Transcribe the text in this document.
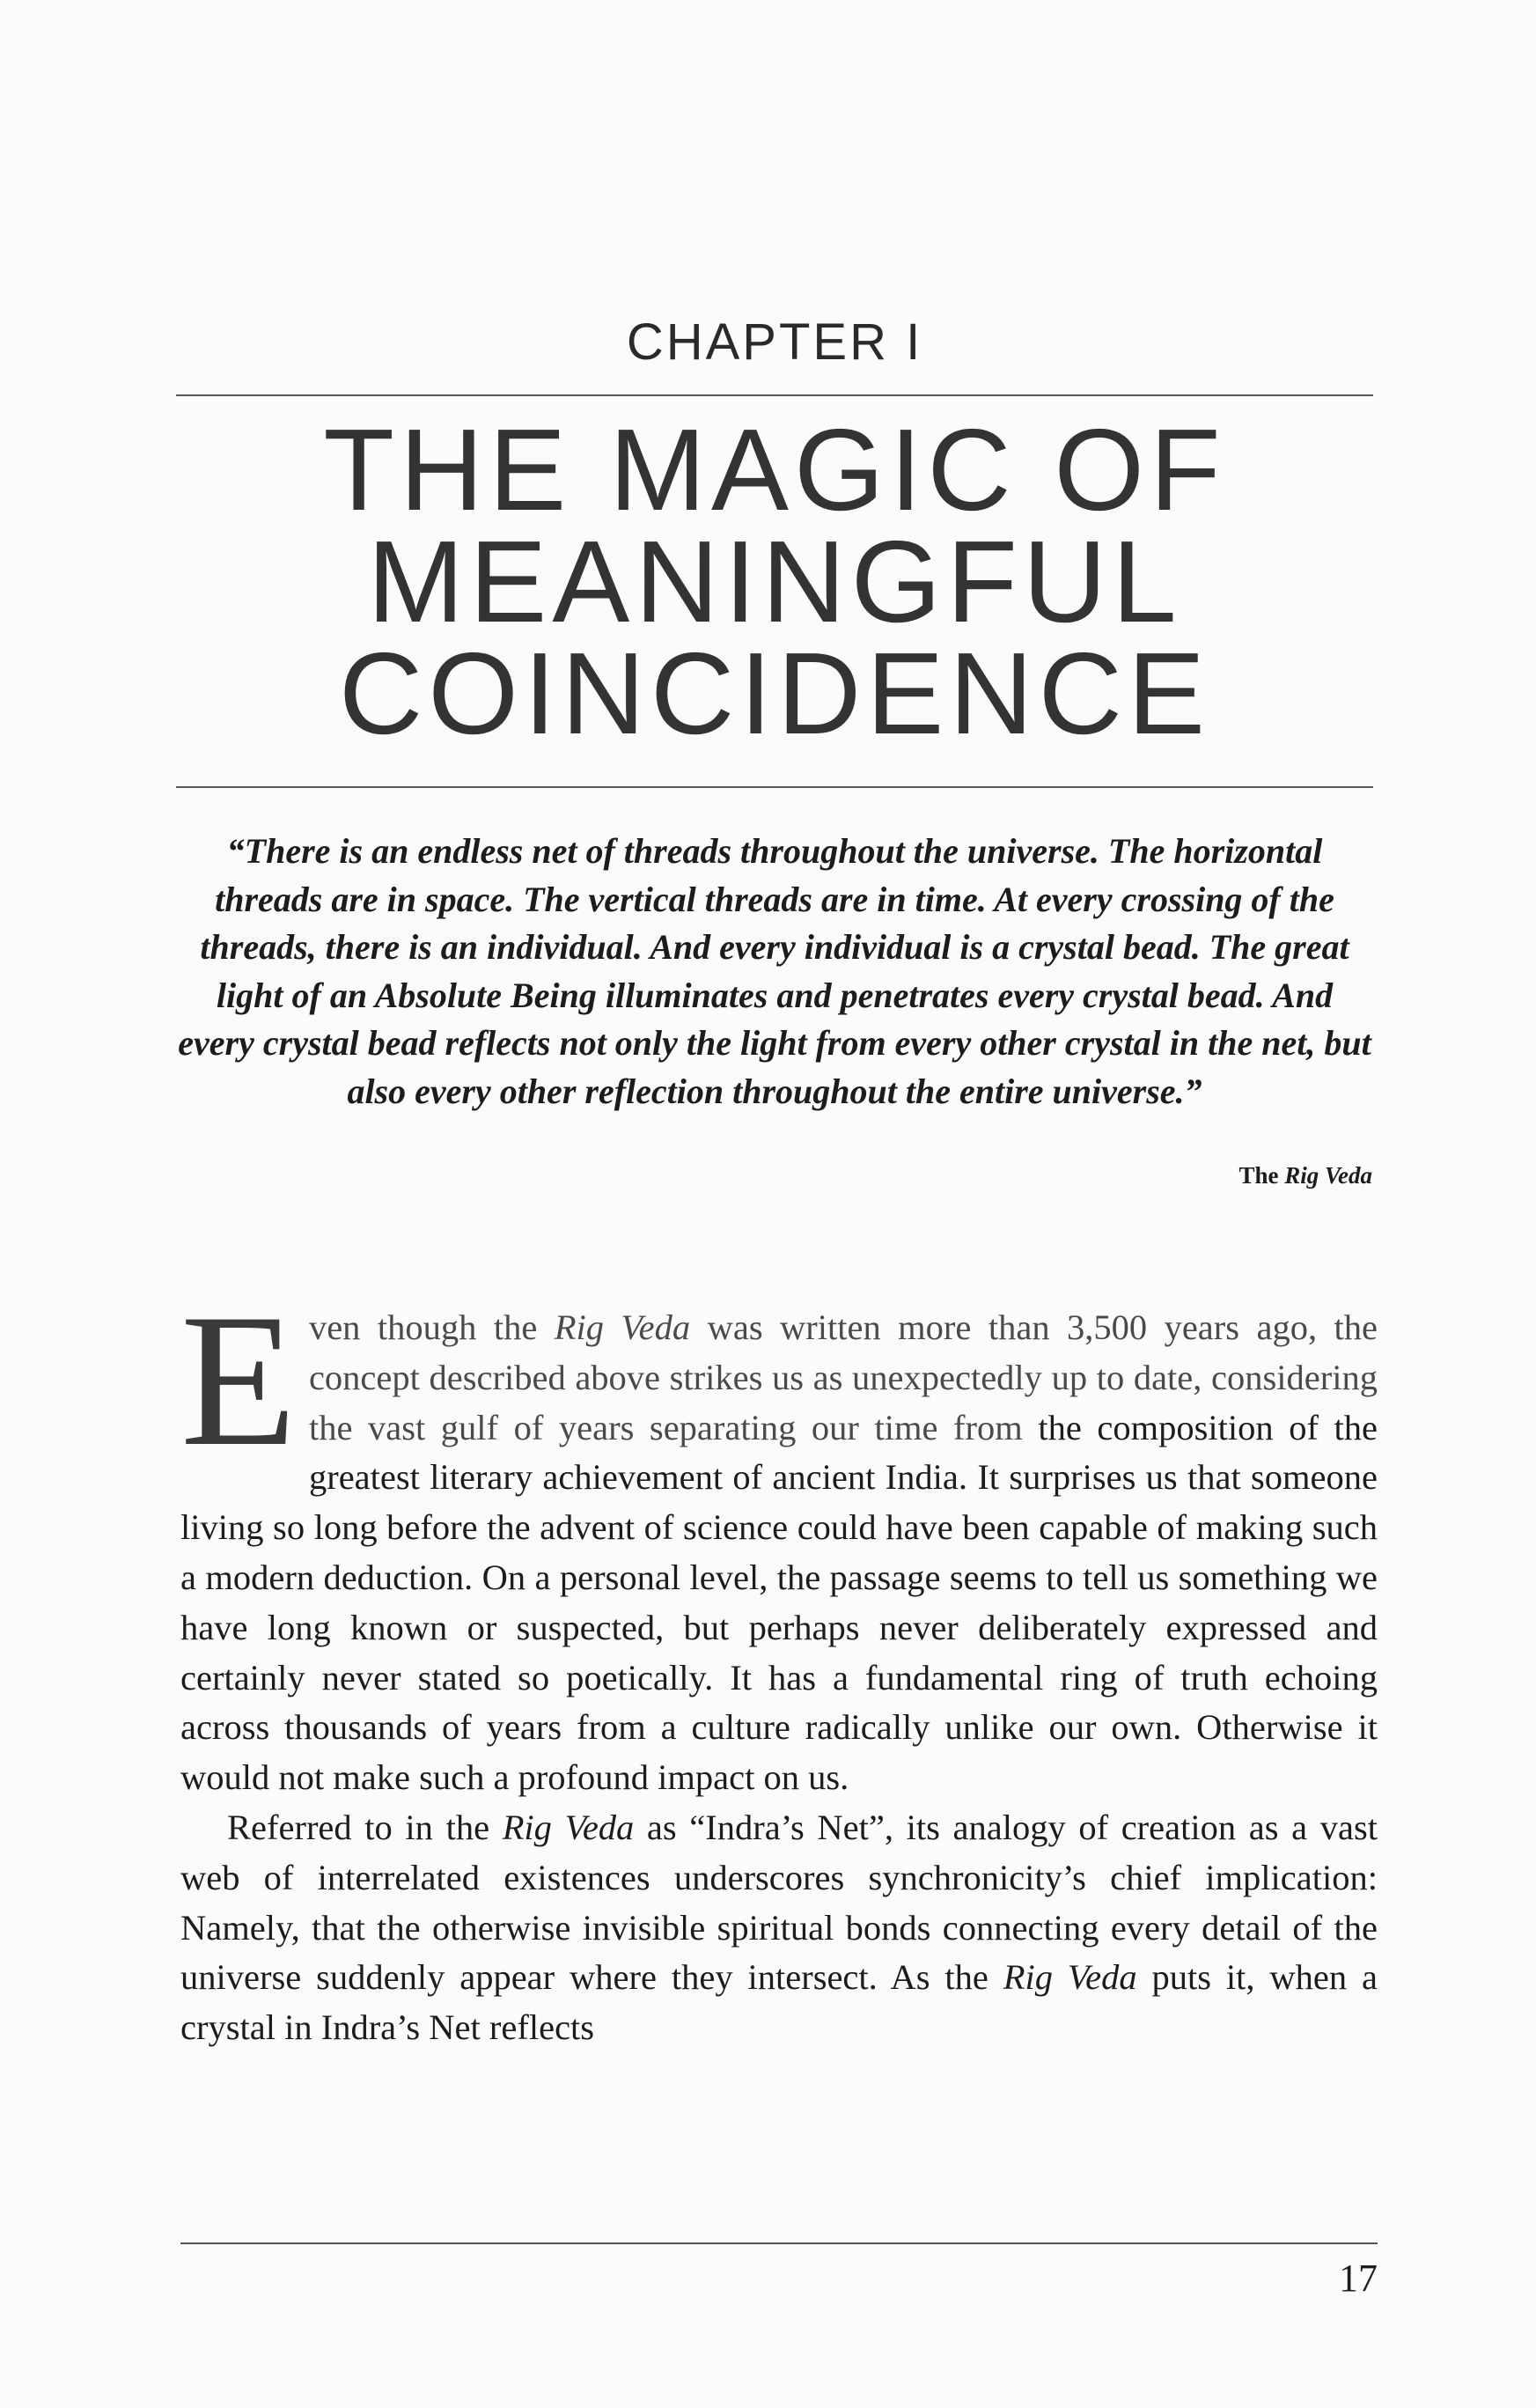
CHAPTER I
THE MAGIC OF
MEANINGFUL
COINCIDENCE
“There is an endless net of threads throughout the universe. The horizontal threads are in space. The vertical threads are in time. At every crossing of the threads, there is an individual. And every individual is a crystal bead. The great light of an Absolute Being illuminates and penetrates every crystal bead. And every crystal bead reflects not only the light from every other crystal in the net, but also every other reflection throughout the entire universe.”
The Rig Veda

Even though the Rig Veda was written more than 3,500 years ago, the concept described above strikes us as unexpectedly up to date, considering the vast gulf of years separating our time from the composition of the greatest literary achievement of ancient India. It surprises us that someone living so long before the advent of science could have been capable of making such a modern deduction. On a personal level, the passage seems to tell us something we have long known or suspected, but perhaps never deliberately expressed and certainly never stated so poetically. It has a fundamental ring of truth echoing across thousands of years from a culture radically unlike our own. Otherwise it would not make such a profound impact on us.

Referred to in the Rig Veda as “Indra’s Net”, its analogy of creation as a vast web of interrelated existences underscores synchronicity’s chief implication: Namely, that the otherwise invisible spiritual bonds connecting every detail of the universe suddenly appear where they intersect. As the Rig Veda puts it, when a crystal in Indra’s Net reflects

17
